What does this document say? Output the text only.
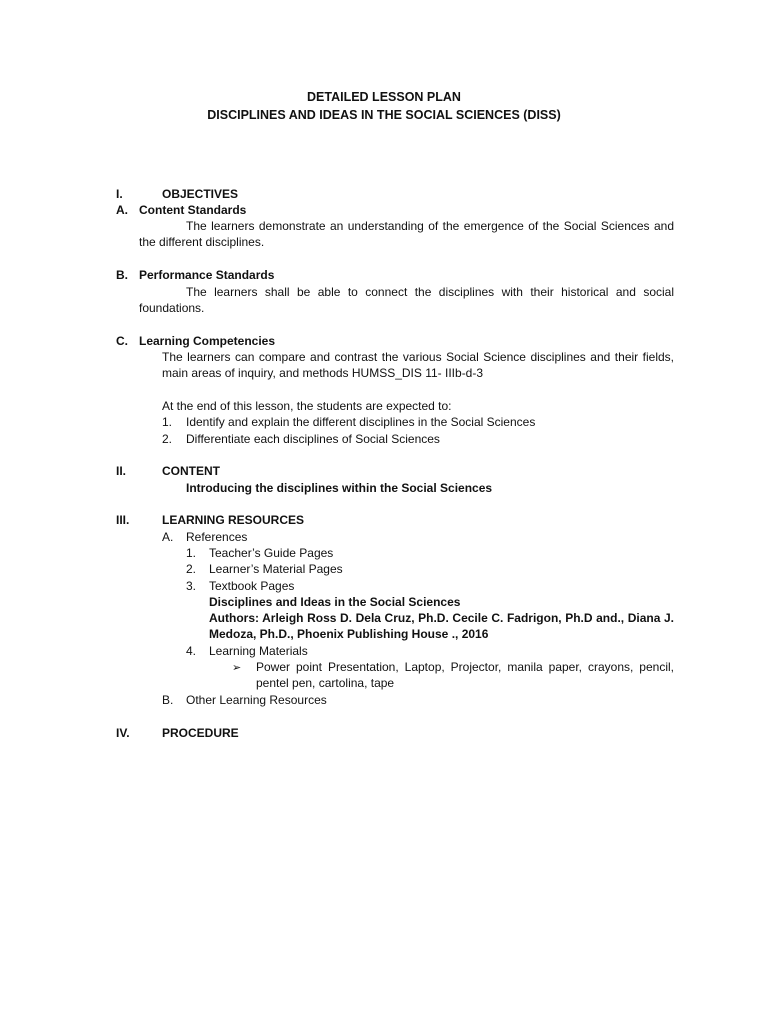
DETAILED LESSON PLAN
DISCIPLINES AND IDEAS IN THE SOCIAL SCIENCES (DISS)
I.	OBJECTIVES
A. Content Standards
The learners demonstrate an understanding of the emergence of the Social Sciences and the different disciplines.
B. Performance Standards
The learners shall be able to connect the disciplines with their historical and social foundations.
C. Learning Competencies
The learners can compare and contrast the various Social Science disciplines and their fields, main areas of inquiry, and methods HUMSS_DIS 11- IIIb-d-3
At the end of this lesson, the students are expected to:
1. Identify and explain the different disciplines in the Social Sciences
2. Differentiate each disciplines of Social Sciences
II.	CONTENT
Introducing the disciplines within the Social Sciences
III.	LEARNING RESOURCES
A. References
1. Teacher’s Guide Pages
2. Learner’s Material Pages
3. Textbook Pages
Disciplines and Ideas in the Social Sciences
Authors: Arleigh Ross D. Dela Cruz, Ph.D. Cecile C. Fadrigon, Ph.D and., Diana J. Medoza, Ph.D., Phoenix Publishing House ., 2016
4. Learning Materials
➢ Power point Presentation, Laptop, Projector, manila paper, crayons, pencil, pentel pen, cartolina, tape
B. Other Learning Resources
IV.	PROCEDURE
